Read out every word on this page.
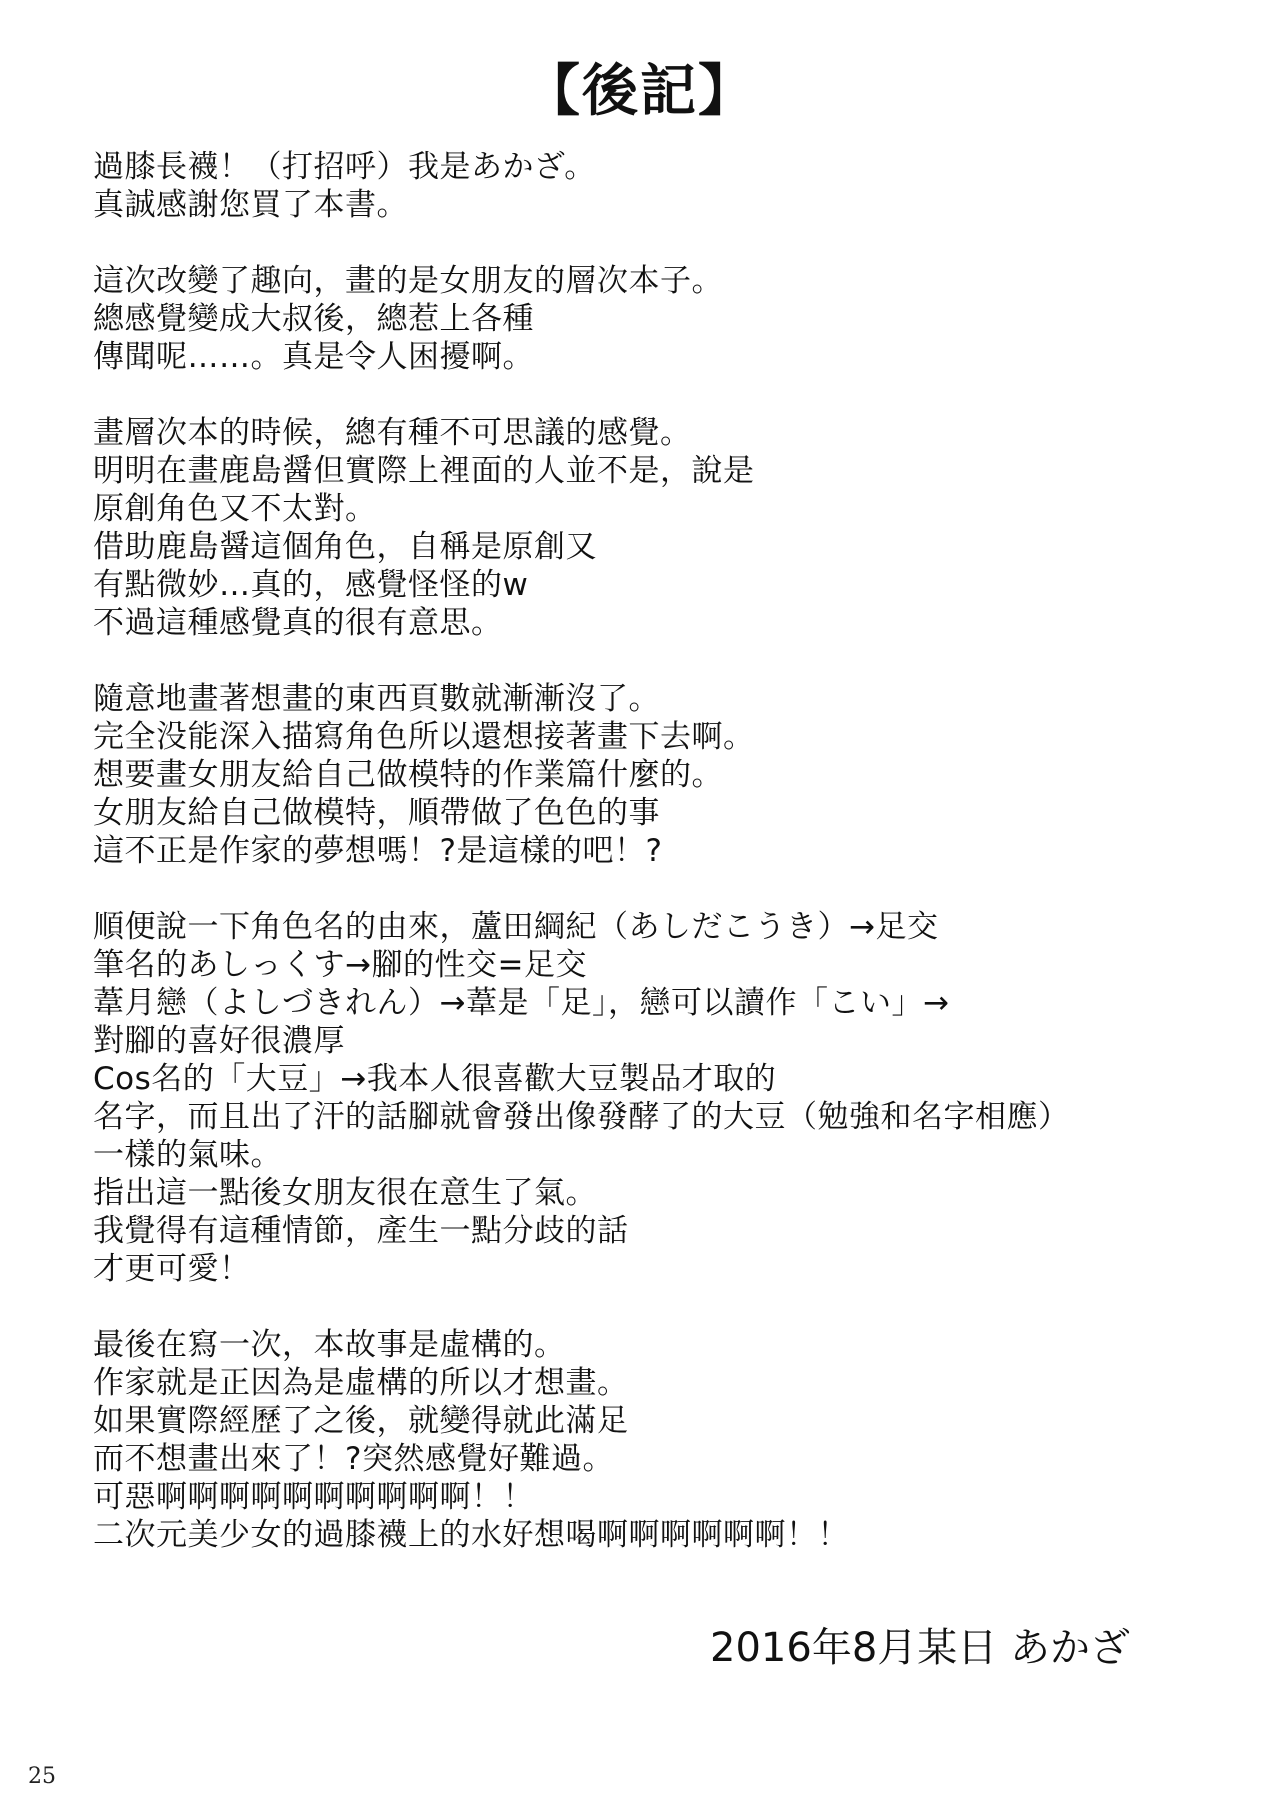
【後記】
過膝長襪！（打招呼）我是あかざ。
真誠感謝您買了本書。
這次改變了趣向，畫的是女朋友的層次本子。
總感覺變成大叔後，總惹上各種
傳聞呢……。真是令人困擾啊。
畫層次本的時候，總有種不可思議的感覺。
明明在畫鹿島醤但實際上裡面的人並不是，說是
原創角色又不太對。
借助鹿島醤這個角色，自稱是原創又
有點微妙…真的，感覺怪怪的w
不過這種感覺真的很有意思。
隨意地畫著想畫的東西頁數就漸漸沒了。
完全没能深入描寫角色所以還想接著畫下去啊。
想要畫女朋友給自己做模特的作業篇什麼的。
女朋友給自己做模特，順帶做了色色的事
這不正是作家的夢想嗎！?是這樣的吧！?
順便說一下角色名的由來，蘆田綱紀（あしだこうき）→足交
筆名的あしっくす→腳的性交=足交
葦月戀（よしづきれん）→葦是「足」，戀可以讀作「こい」→
對腳的喜好很濃厚
Cos名的「大豆」→我本人很喜歡大豆製品才取的
名字，而且出了汗的話腳就會發出像發酵了的大豆（勉強和名字相應）
一樣的氣味。
指出這一點後女朋友很在意生了氣。
我覺得有這種情節，產生一點分歧的話
才更可愛！
最後在寫一次，本故事是虛構的。
作家就是正因為是虛構的所以才想畫。
如果實際經歷了之後，就變得就此滿足
而不想畫出來了！?突然感覺好難過。
可惡啊啊啊啊啊啊啊啊啊啊！！
二次元美少女的過膝襪上的水好想喝啊啊啊啊啊啊！！
2016年8月某日 あかざ
25
